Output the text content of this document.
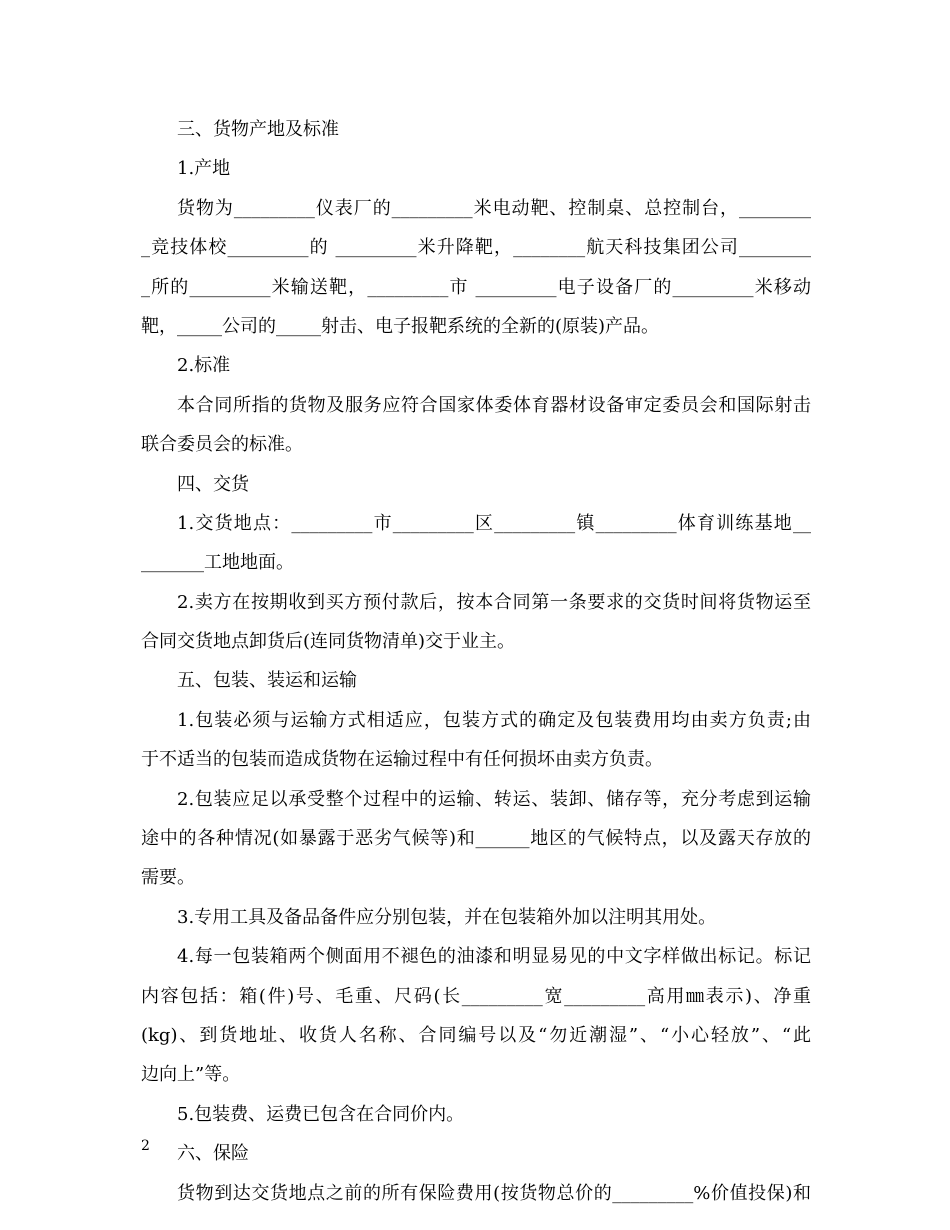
三、货物产地及标准
1.产地
货物为_________仪表厂的_________米电动靶、控制桌、总控制台，________
_竞技体校_________的 _________米升降靶，________航天科技集团公司________
_所的_________米输送靶，_________市 _________电子设备厂的_________米移动
靶，_____公司的_____射击、电子报靶系统的全新的(原装)产品。
2.标准
本合同所指的货物及服务应符合国家体委体育器材设备审定委员会和国际射击
联合委员会的标准。
四、交货
1.交货地点：_________市_________区_________镇_________体育训练基地__
_______工地地面。
2.卖方在按期收到买方预付款后，按本合同第一条要求的交货时间将货物运至
合同交货地点卸货后(连同货物清单)交于业主。
五、包装、装运和运输
1.包装必须与运输方式相适应，包装方式的确定及包装费用均由卖方负责;由
于不适当的包装而造成货物在运输过程中有任何损坏由卖方负责。
2.包装应足以承受整个过程中的运输、转运、装卸、储存等，充分考虑到运输
途中的各种情况(如暴露于恶劣气候等)和______地区的气候特点，以及露天存放的
需要。
3.专用工具及备品备件应分别包装，并在包装箱外加以注明其用处。
4.每一包装箱两个侧面用不褪色的油漆和明显易见的中文字样做出标记。标记
内容包括：箱(件)号、毛重、尺码(长_________宽_________高用㎜表示)、净重
(kg)、到货地址、收货人名称、合同编号以及“勿近潮湿”、“小心轻放”、“此
边向上”等。
5.包装费、运费已包含在合同价内。
六、保险
货物到达交货地点之前的所有保险费用(按货物总价的_________%价值投保)和
2
